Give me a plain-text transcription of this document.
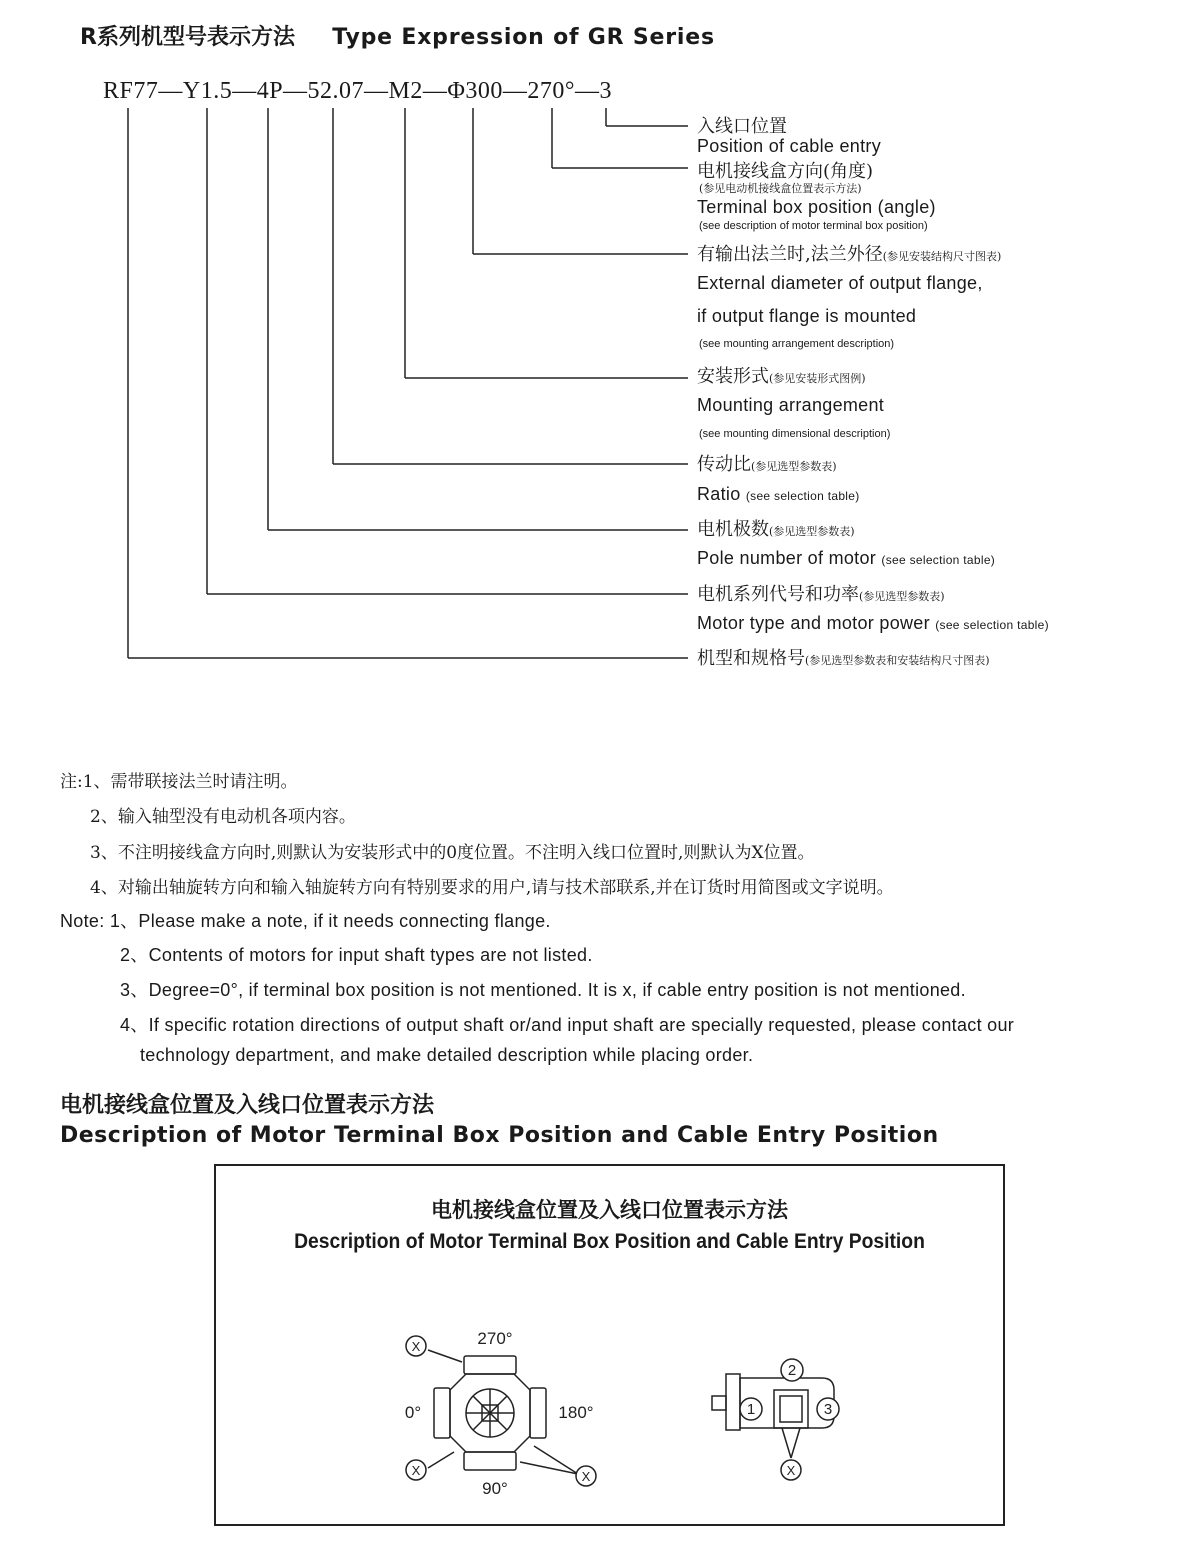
R系列机型号表示方法 Type Expression of GR Series
RF77—Y1.5—4P—52.07—M2—Φ300—270°—3
入线口位置
Position of cable entry
电机接线盒方向(角度)
(参见电动机接线盒位置表示方法)
Terminal box position (angle)
(see description of motor terminal box position)
有输出法兰时,法兰外径(参见安装结构尺寸图表)
External diameter of output flange,
if output flange is mounted
(see mounting arrangement description)
安装形式(参见安装形式图例)
Mounting arrangement
(see mounting dimensional description)
传动比(参见选型参数表)
Ratio (see selection table)
电机极数(参见选型参数表)
Pole number of motor (see selection table)
电机系列代号和功率(参见选型参数表)
Motor type and motor power (see selection table)
机型和规格号(参见选型参数表和安装结构尺寸图表)
注:1、需带联接法兰时请注明。
2、输入轴型没有电动机各项内容。
3、不注明接线盒方向时,则默认为安装形式中的0度位置。不注明入线口位置时,则默认为X位置。
4、对输出轴旋转方向和输入轴旋转方向有特别要求的用户,请与技术部联系,并在订货时用简图或文字说明。
Note: 1、Please make a note, if it needs connecting flange.
2、Contents of motors for input shaft types are not listed.
3、Degree=0°, if terminal box position is not mentioned. It is x, if cable entry position is not mentioned.
4、If specific rotation directions of output shaft or/and input shaft are specially requested, please contact our
technology department, and make detailed description while placing order.
电机接线盒位置及入线口位置表示方法
Description of Motor Terminal Box Position and Cable Entry Position
电机接线盒位置及入线口位置表示方法
Description of Motor Terminal Box Position and Cable Entry Position
X
X	X
270°
0°	180°
90°
1
2
3
X
